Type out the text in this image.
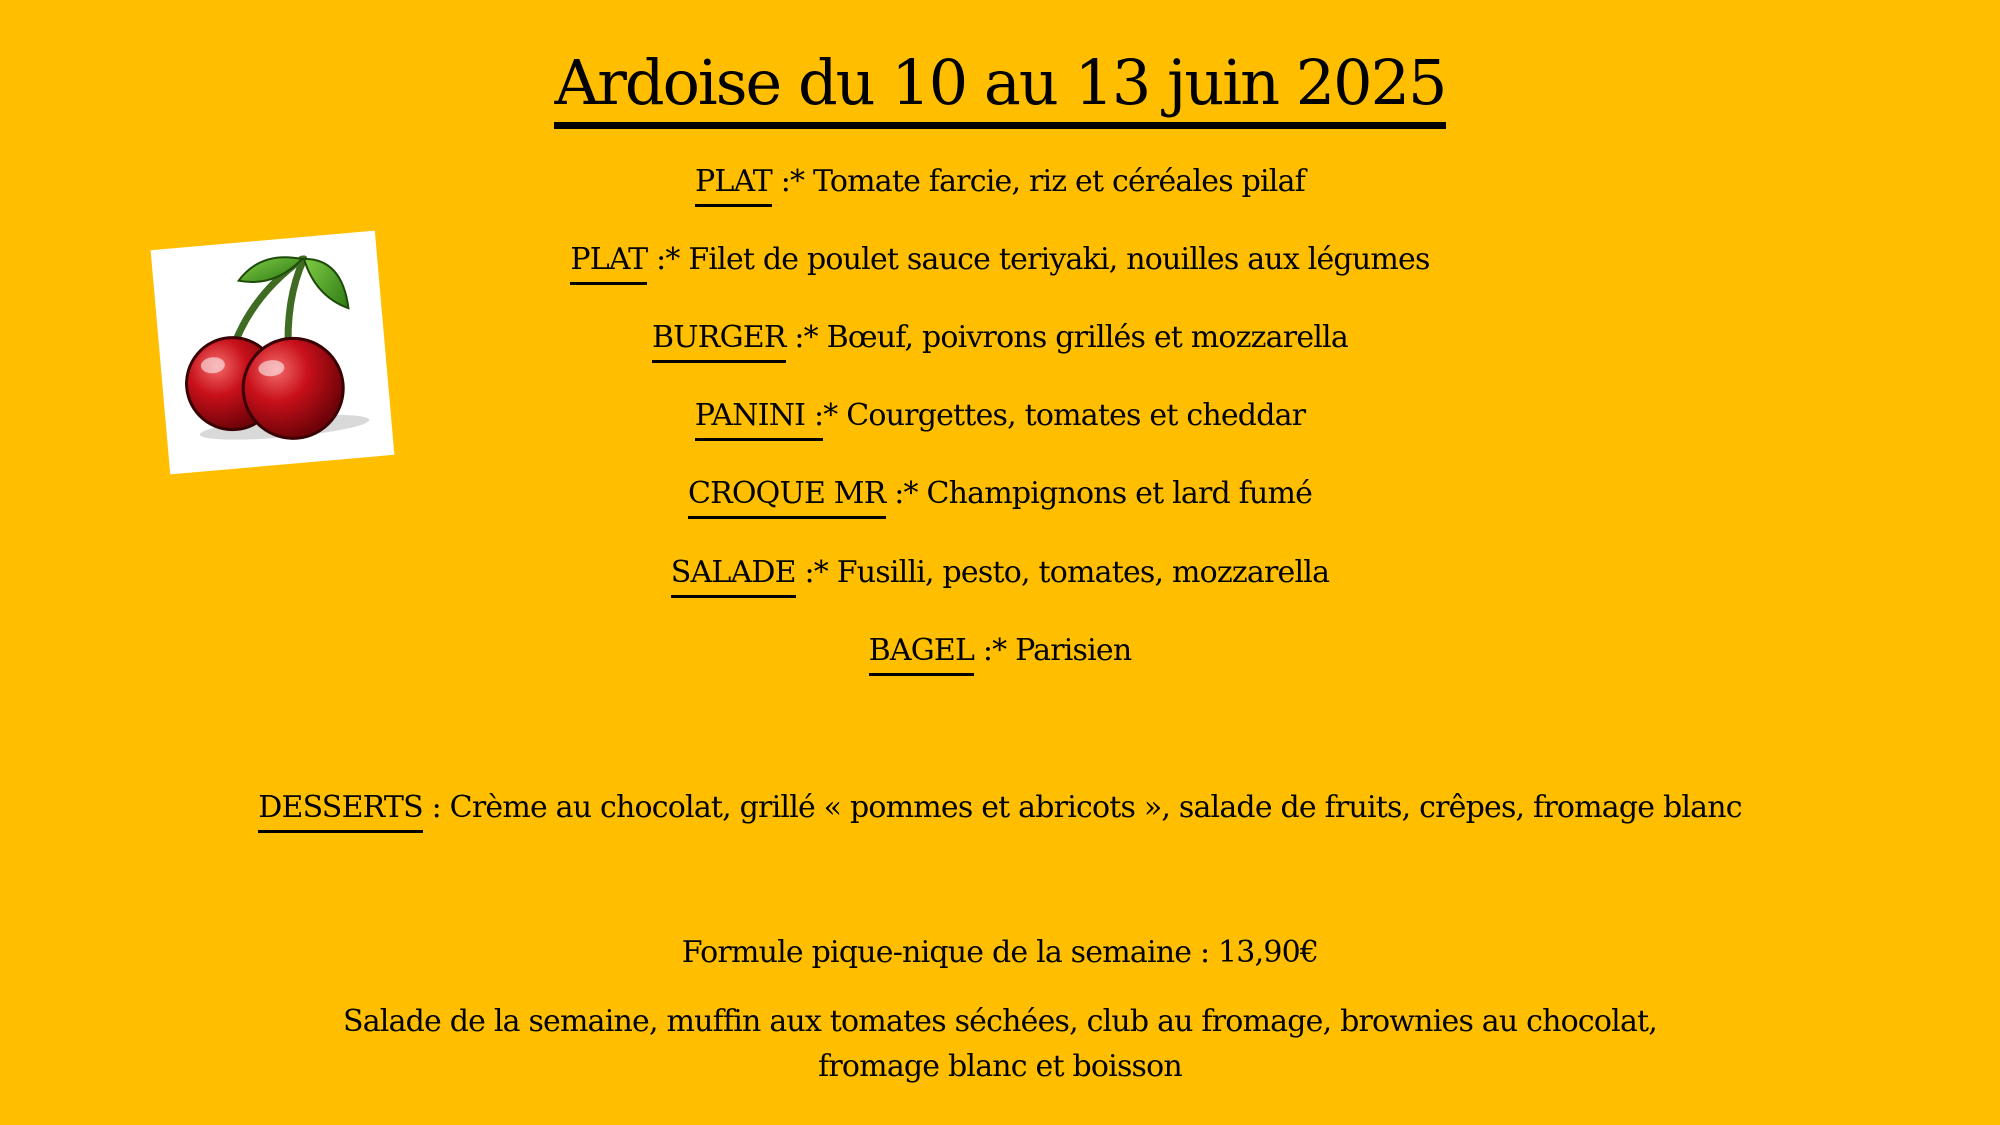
Ardoise du 10 au 13 juin 2025
PLAT :* Tomate farcie, riz et céréales pilaf
PLAT :* Filet de poulet sauce teriyaki, nouilles aux légumes
BURGER :* Bœuf, poivrons grillés et mozzarella
PANINI :* Courgettes, tomates et cheddar
CROQUE MR :* Champignons et lard fumé
SALADE :* Fusilli, pesto, tomates, mozzarella
BAGEL :* Parisien
DESSERTS : Crème au chocolat, grillé « pommes et abricots », salade de fruits, crêpes, fromage blanc
Formule pique-nique de la semaine : 13,90€
Salade de la semaine, muffin aux tomates séchées, club au fromage, brownies au chocolat, fromage blanc et boisson
